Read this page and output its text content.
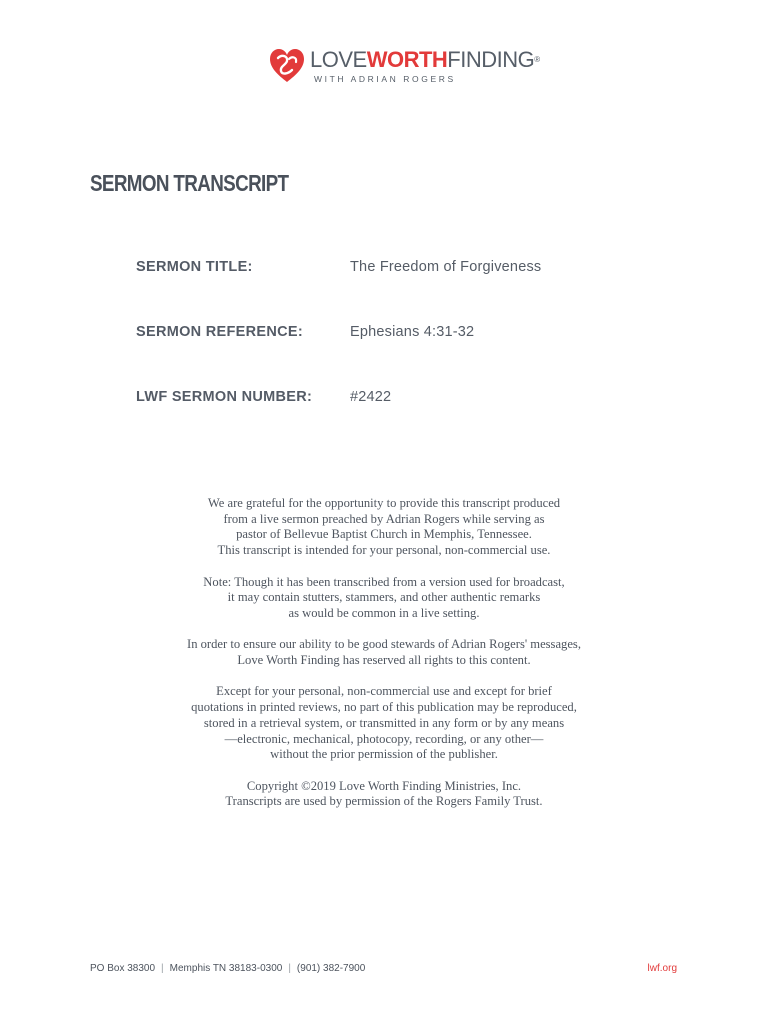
LOVEWORTHFINDING®
WITH ADRIAN ROGERS
SERMON TRANSCRIPT
SERMON TITLE:	The Freedom of Forgiveness
SERMON REFERENCE:	Ephesians 4:31-32
LWF SERMON NUMBER:	#2422

We are grateful for the opportunity to provide this transcript produced
from a live sermon preached by Adrian Rogers while serving as
pastor of Bellevue Baptist Church in Memphis, Tennessee.
This transcript is intended for your personal, non-commercial use.

Note: Though it has been transcribed from a version used for broadcast,
it may contain stutters, stammers, and other authentic remarks
as would be common in a live setting.

In order to ensure our ability to be good stewards of Adrian Rogers' messages,
Love Worth Finding has reserved all rights to this content.

Except for your personal, non-commercial use and except for brief
quotations in printed reviews, no part of this publication may be reproduced,
stored in a retrieval system, or transmitted in any form or by any means
—electronic, mechanical, photocopy, recording, or any other—
without the prior permission of the publisher.

Copyright ©2019 Love Worth Finding Ministries, Inc.
Transcripts are used by permission of the Rogers Family Trust.

PO Box 38300 | Memphis TN 38183-0300 | (901) 382-7900	lwf.org
